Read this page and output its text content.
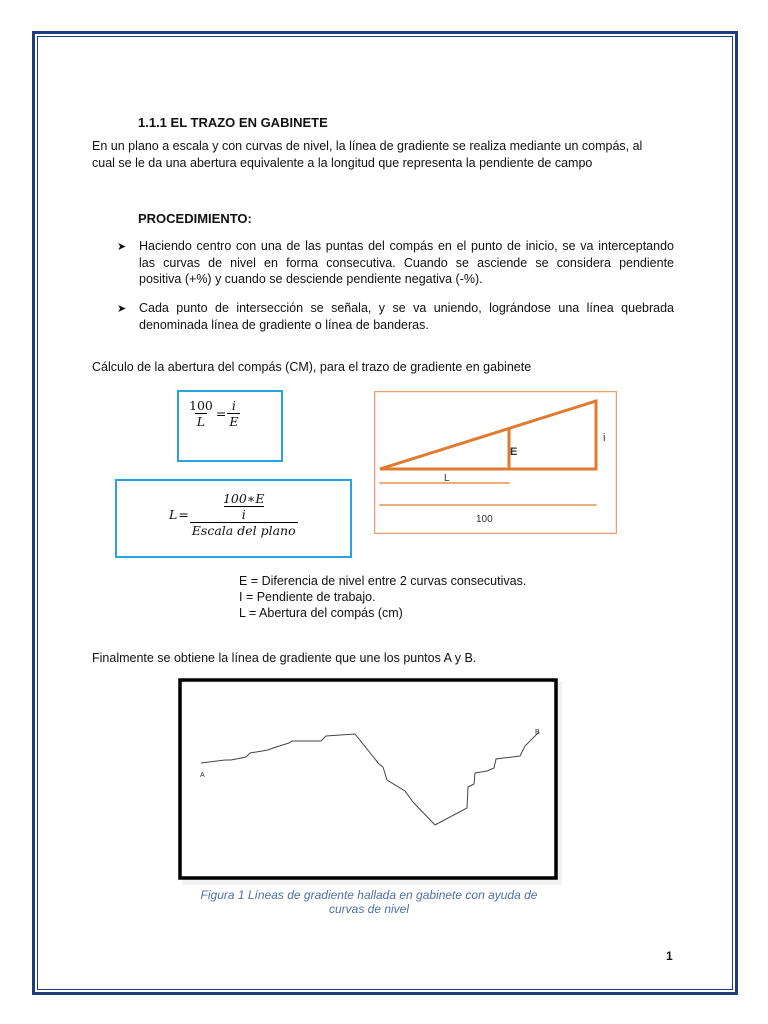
1.1.1 EL TRAZO EN GABINETE
En un plano a escala y con curvas de nivel, la línea de gradiente se realiza mediante un compás, al
cual se le da una abertura equivalente a la longitud que representa la pendiente de campo
PROCEDIMIENTO:
➤ Haciendo centro con una de las puntas del compás en el punto de inicio, se va interceptando
las curvas de nivel en forma consecutiva. Cuando se asciende se considera pendiente
positiva (+%) y cuando se desciende pendiente negativa (-%).
➤ Cada punto de intersección se señala, y se va uniendo, lográndose una línea quebrada
denominada línea de gradiente o línea de banderas.
Cálculo de la abertura del compás (CM), para el trazo de gradiente en gabinete
$\frac{100}{L} = \frac{i}{E}$
$L = \frac{\frac{100∗E}{i}}{\text{Escala del plano}}$
E
i
L
100
E = Diferencia de nivel entre 2 curvas consecutivas.
I = Pendiente de trabajo.
L = Abertura del compás (cm)
Finalmente se obtiene la línea de gradiente que une los puntos A y B.
A
B
Figura 1 Líneas de gradiente hallada en gabinete con ayuda de
curvas de nivel
1
